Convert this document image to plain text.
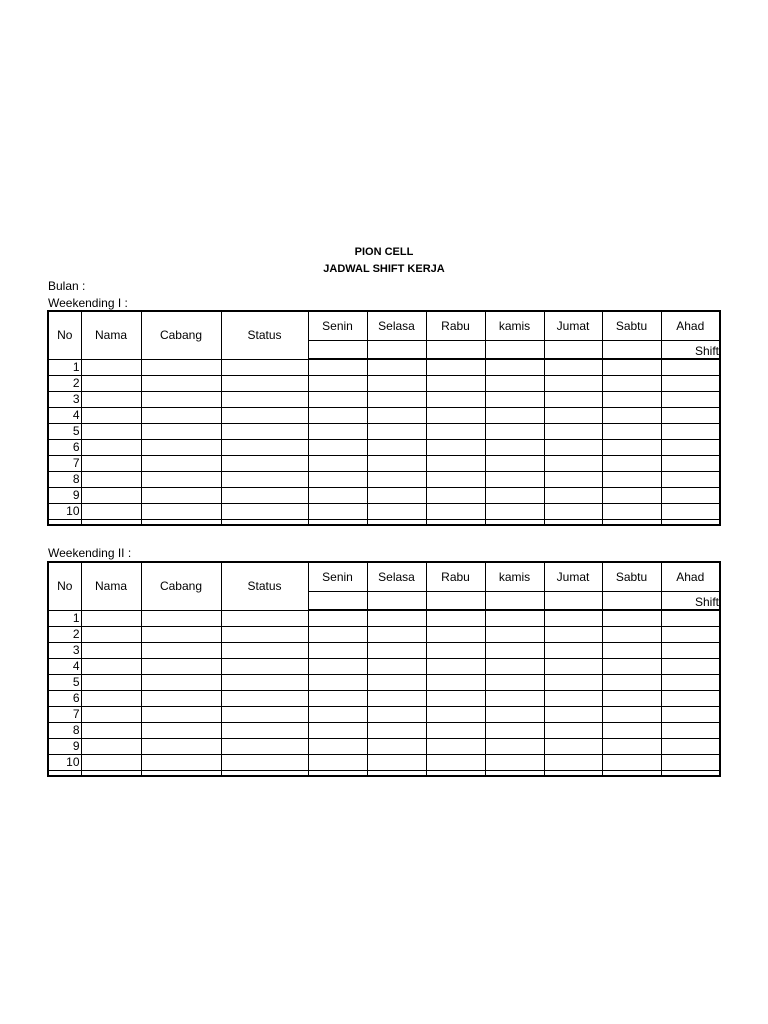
PION CELL
JADWAL SHIFT KERJA
Bulan :
Weekending I :
No	Nama	Cabang	Status	Senin	Selasa	Rabu	kamis	Jumat	Sabtu	Ahad

										Shift

1										
2										
3										
4										
5										
6										
7										
8										
9										
10										

Weekending II :
No	Nama	Cabang	Status	Senin	Selasa	Rabu	kamis	Jumat	Sabtu	Ahad

										Shift

1										
2										
3										
4										
5										
6										
7										
8										
9										
10										
